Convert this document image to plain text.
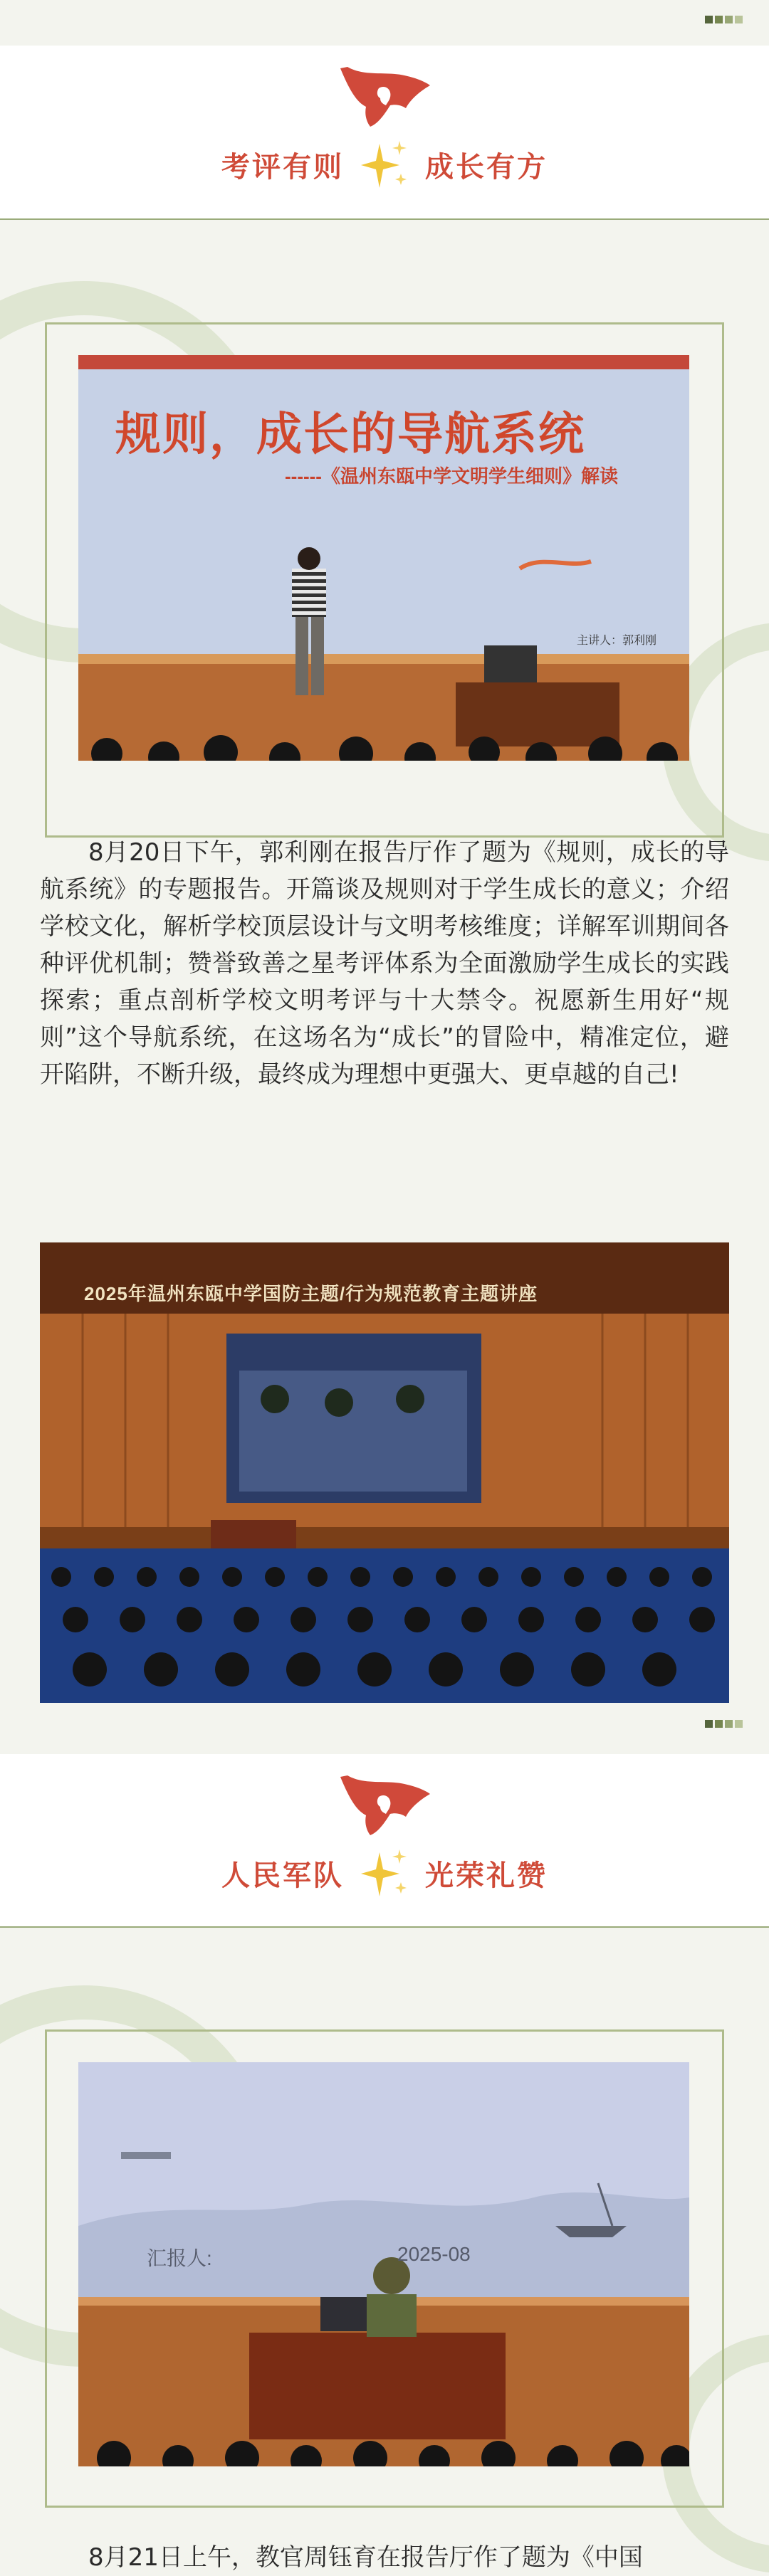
考评有则	成长有方
规则，成长的导航系统
------《温州东瓯中学文明学生细则》解读
主讲人：郭利刚
8月20日下午，郭利刚在报告厅作了题为《规则，成长的导航系统》的专题报告。开篇谈及规则对于学生成长的意义；介绍学校文化，解析学校顶层设计与文明考核维度；详解军训期间各种评优机制；赞誉致善之星考评体系为全面激励学生成长的实践探索；重点剖析学校文明考评与十大禁令。祝愿新生用好“规则”这个导航系统，在这场名为“成长”的冒险中，精准定位，避开陷阱，不断升级，最终成为理想中更强大、更卓越的自己!
2025年温州东瓯中学国防主题/行为规范教育主题讲座
人民军队	光荣礼赞
汇报人:	2025-08
8月21日上午，教官周钰育在报告厅作了题为《中国
